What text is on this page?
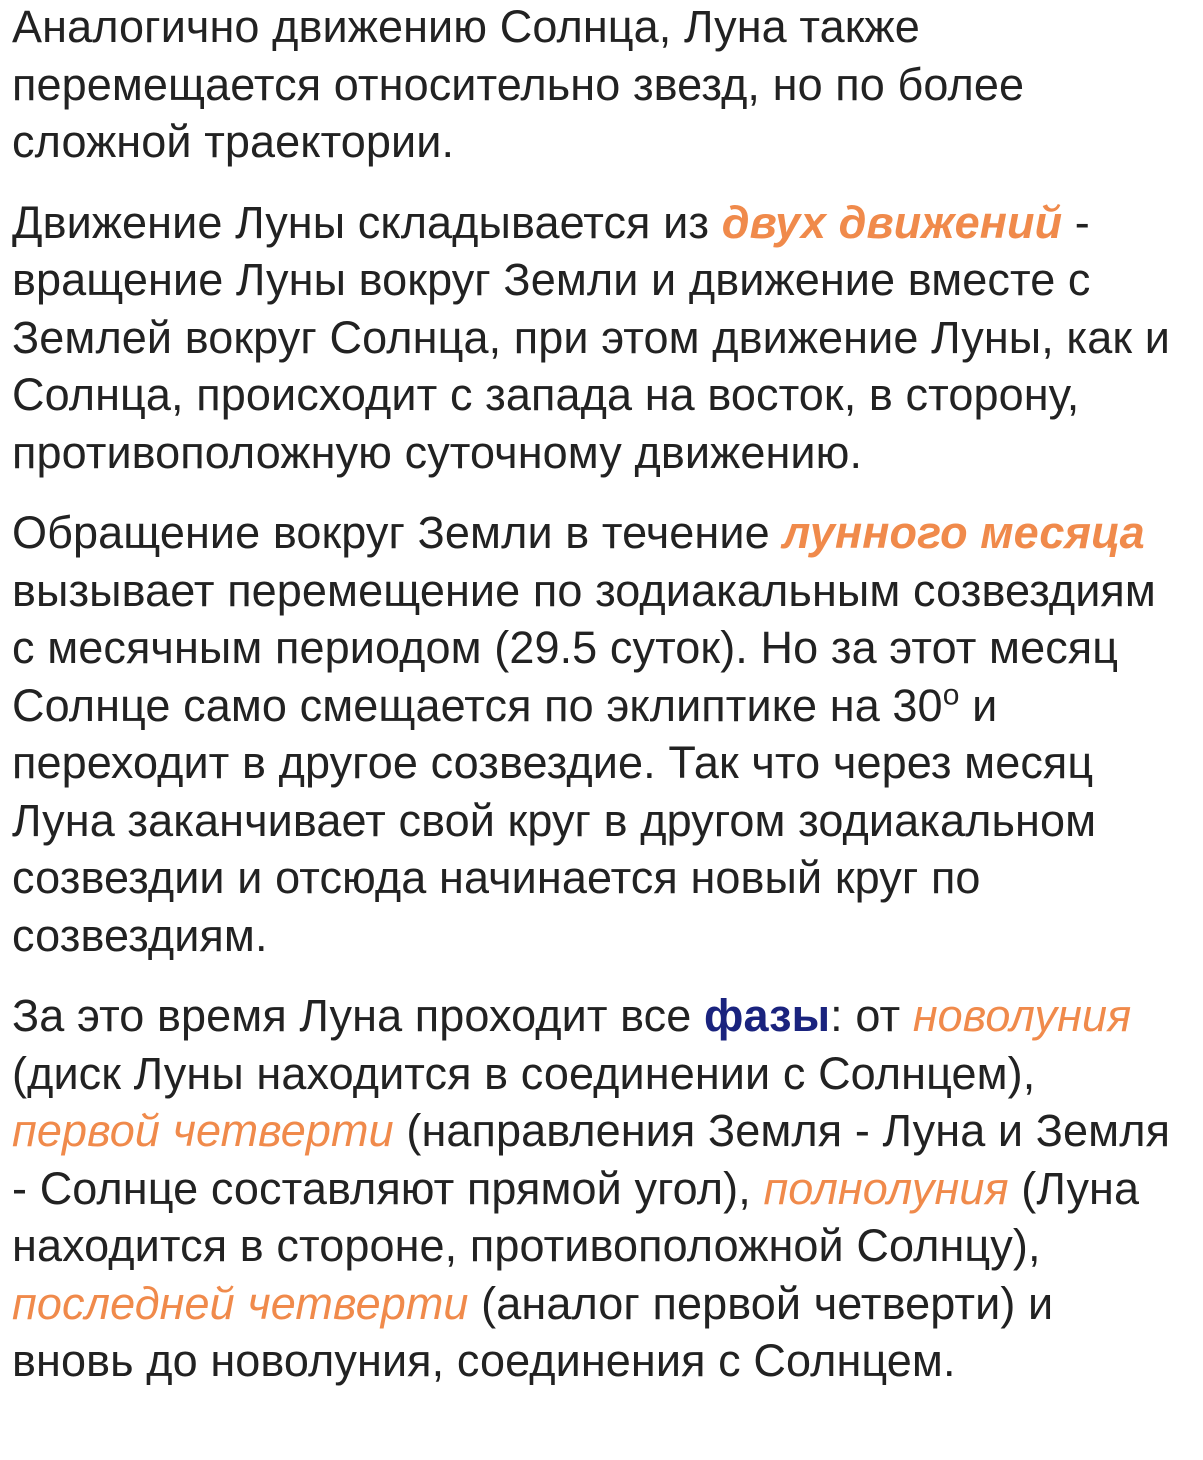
Аналогично движению Солнца, Луна также перемещается относительно звезд, но по более сложной траектории.

Движение Луны складывается из двух движений - вращение Луны вокруг Земли и движение вместе с Землей вокруг Солнца, при этом движение Луны, как и Солнца, происходит с запада на восток, в сторону, противоположную суточному движению.

Обращение вокруг Земли в течение лунного месяца вызывает перемещение по зодиакальным созвездиям с месячным периодом (29.5 суток). Но за этот месяц Солнце само смещается по эклиптике на 30$^o$ и переходит в другое созвездие. Так что через месяц Луна заканчивает свой круг в другом зодиакальном созвездии и отсюда начинается новый круг по созвездиям.

За это время Луна проходит все фазы: от новолуния (диск Луны находится в соединении с Солнцем), первой четверти (направления Земля - Луна и Земля - Солнце составляют прямой угол), полнолуния (Луна находится в стороне, противоположной Солнцу), последней четверти (аналог первой четверти) и вновь до новолуния, соединения с Солнцем.
